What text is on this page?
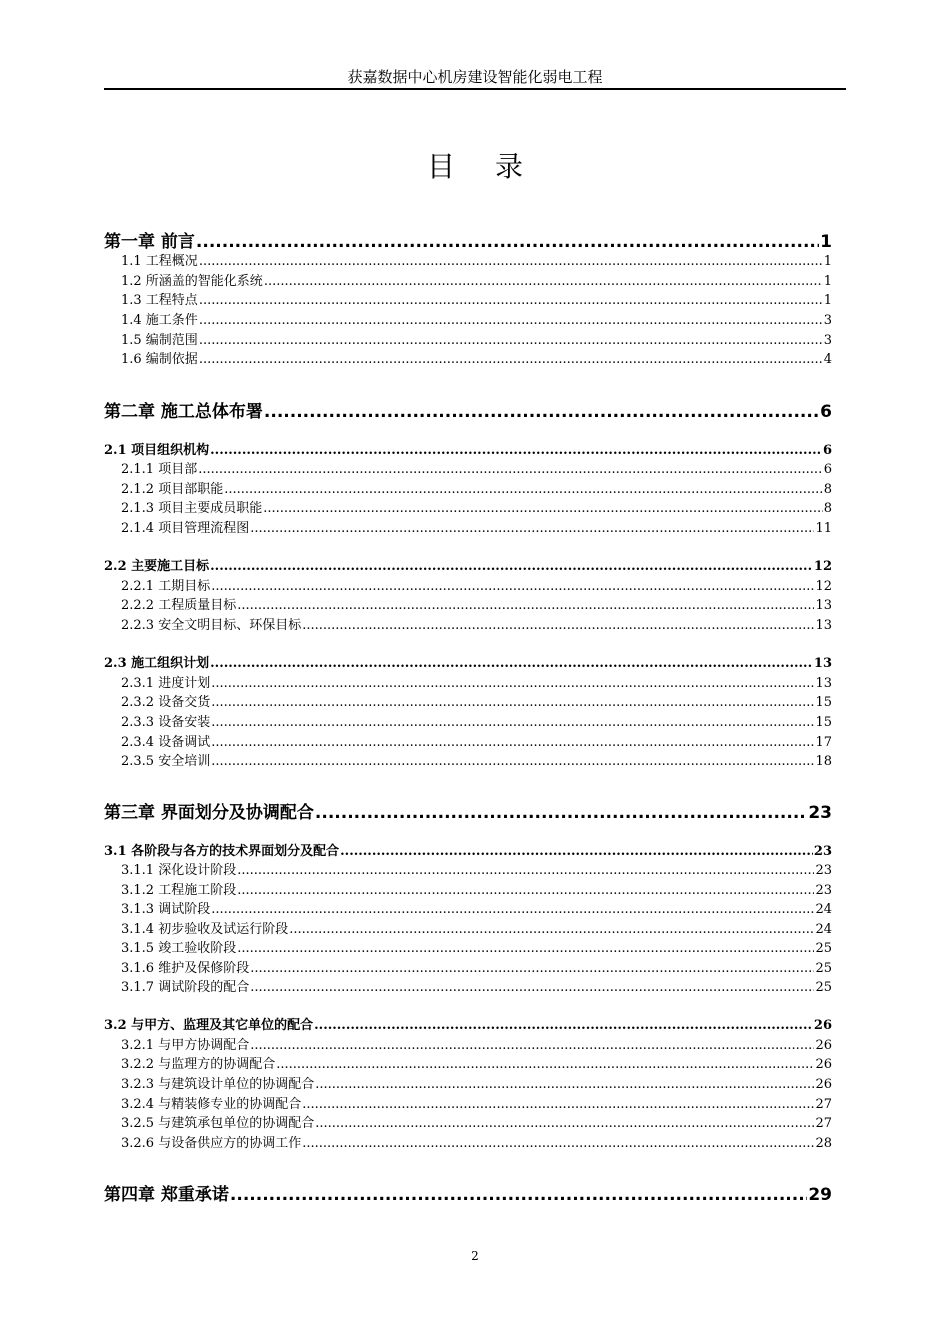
获嘉数据中心机房建设智能化弱电工程
目录
第一章 前言 .....	1
1.1 工程概况 .....	1
1.2 所涵盖的智能化系统 .....	1
1.3 工程特点 .....	1
1.4 施工条件 .....	3
1.5 编制范围 .....	3
1.6 编制依据 .....	4
第二章 施工总体布署 .....	6
2.1 项目组织机构 .....	6
2.1.1 项目部 .....	6
2.1.2 项目部职能 .....	8
2.1.3 项目主要成员职能 .....	8
2.1.4 项目管理流程图 .....	11
2.2 主要施工目标 .....	12
2.2.1 工期目标 .....	12
2.2.2 工程质量目标 .....	13
2.2.3 安全文明目标、环保目标 .....	13
2.3 施工组织计划 .....	13
2.3.1 进度计划 .....	13
2.3.2 设备交货 .....	15
2.3.3 设备安装 .....	15
2.3.4 设备调试 .....	17
2.3.5 安全培训 .....	18
第三章 界面划分及协调配合 .....	23
3.1 各阶段与各方的技术界面划分及配合 .....	23
3.1.1 深化设计阶段 .....	23
3.1.2 工程施工阶段 .....	23
3.1.3 调试阶段 .....	24
3.1.4 初步验收及试运行阶段 .....	24
3.1.5 竣工验收阶段 .....	25
3.1.6 维护及保修阶段 .....	25
3.1.7 调试阶段的配合 .....	25
3.2 与甲方、监理及其它单位的配合 .....	26
3.2.1 与甲方协调配合 .....	26
3.2.2 与监理方的协调配合 .....	26
3.2.3 与建筑设计单位的协调配合 .....	26
3.2.4 与精装修专业的协调配合 .....	27
3.2.5 与建筑承包单位的协调配合 .....	27
3.2.6 与设备供应方的协调工作 .....	28
第四章 郑重承诺 .....	29
2
